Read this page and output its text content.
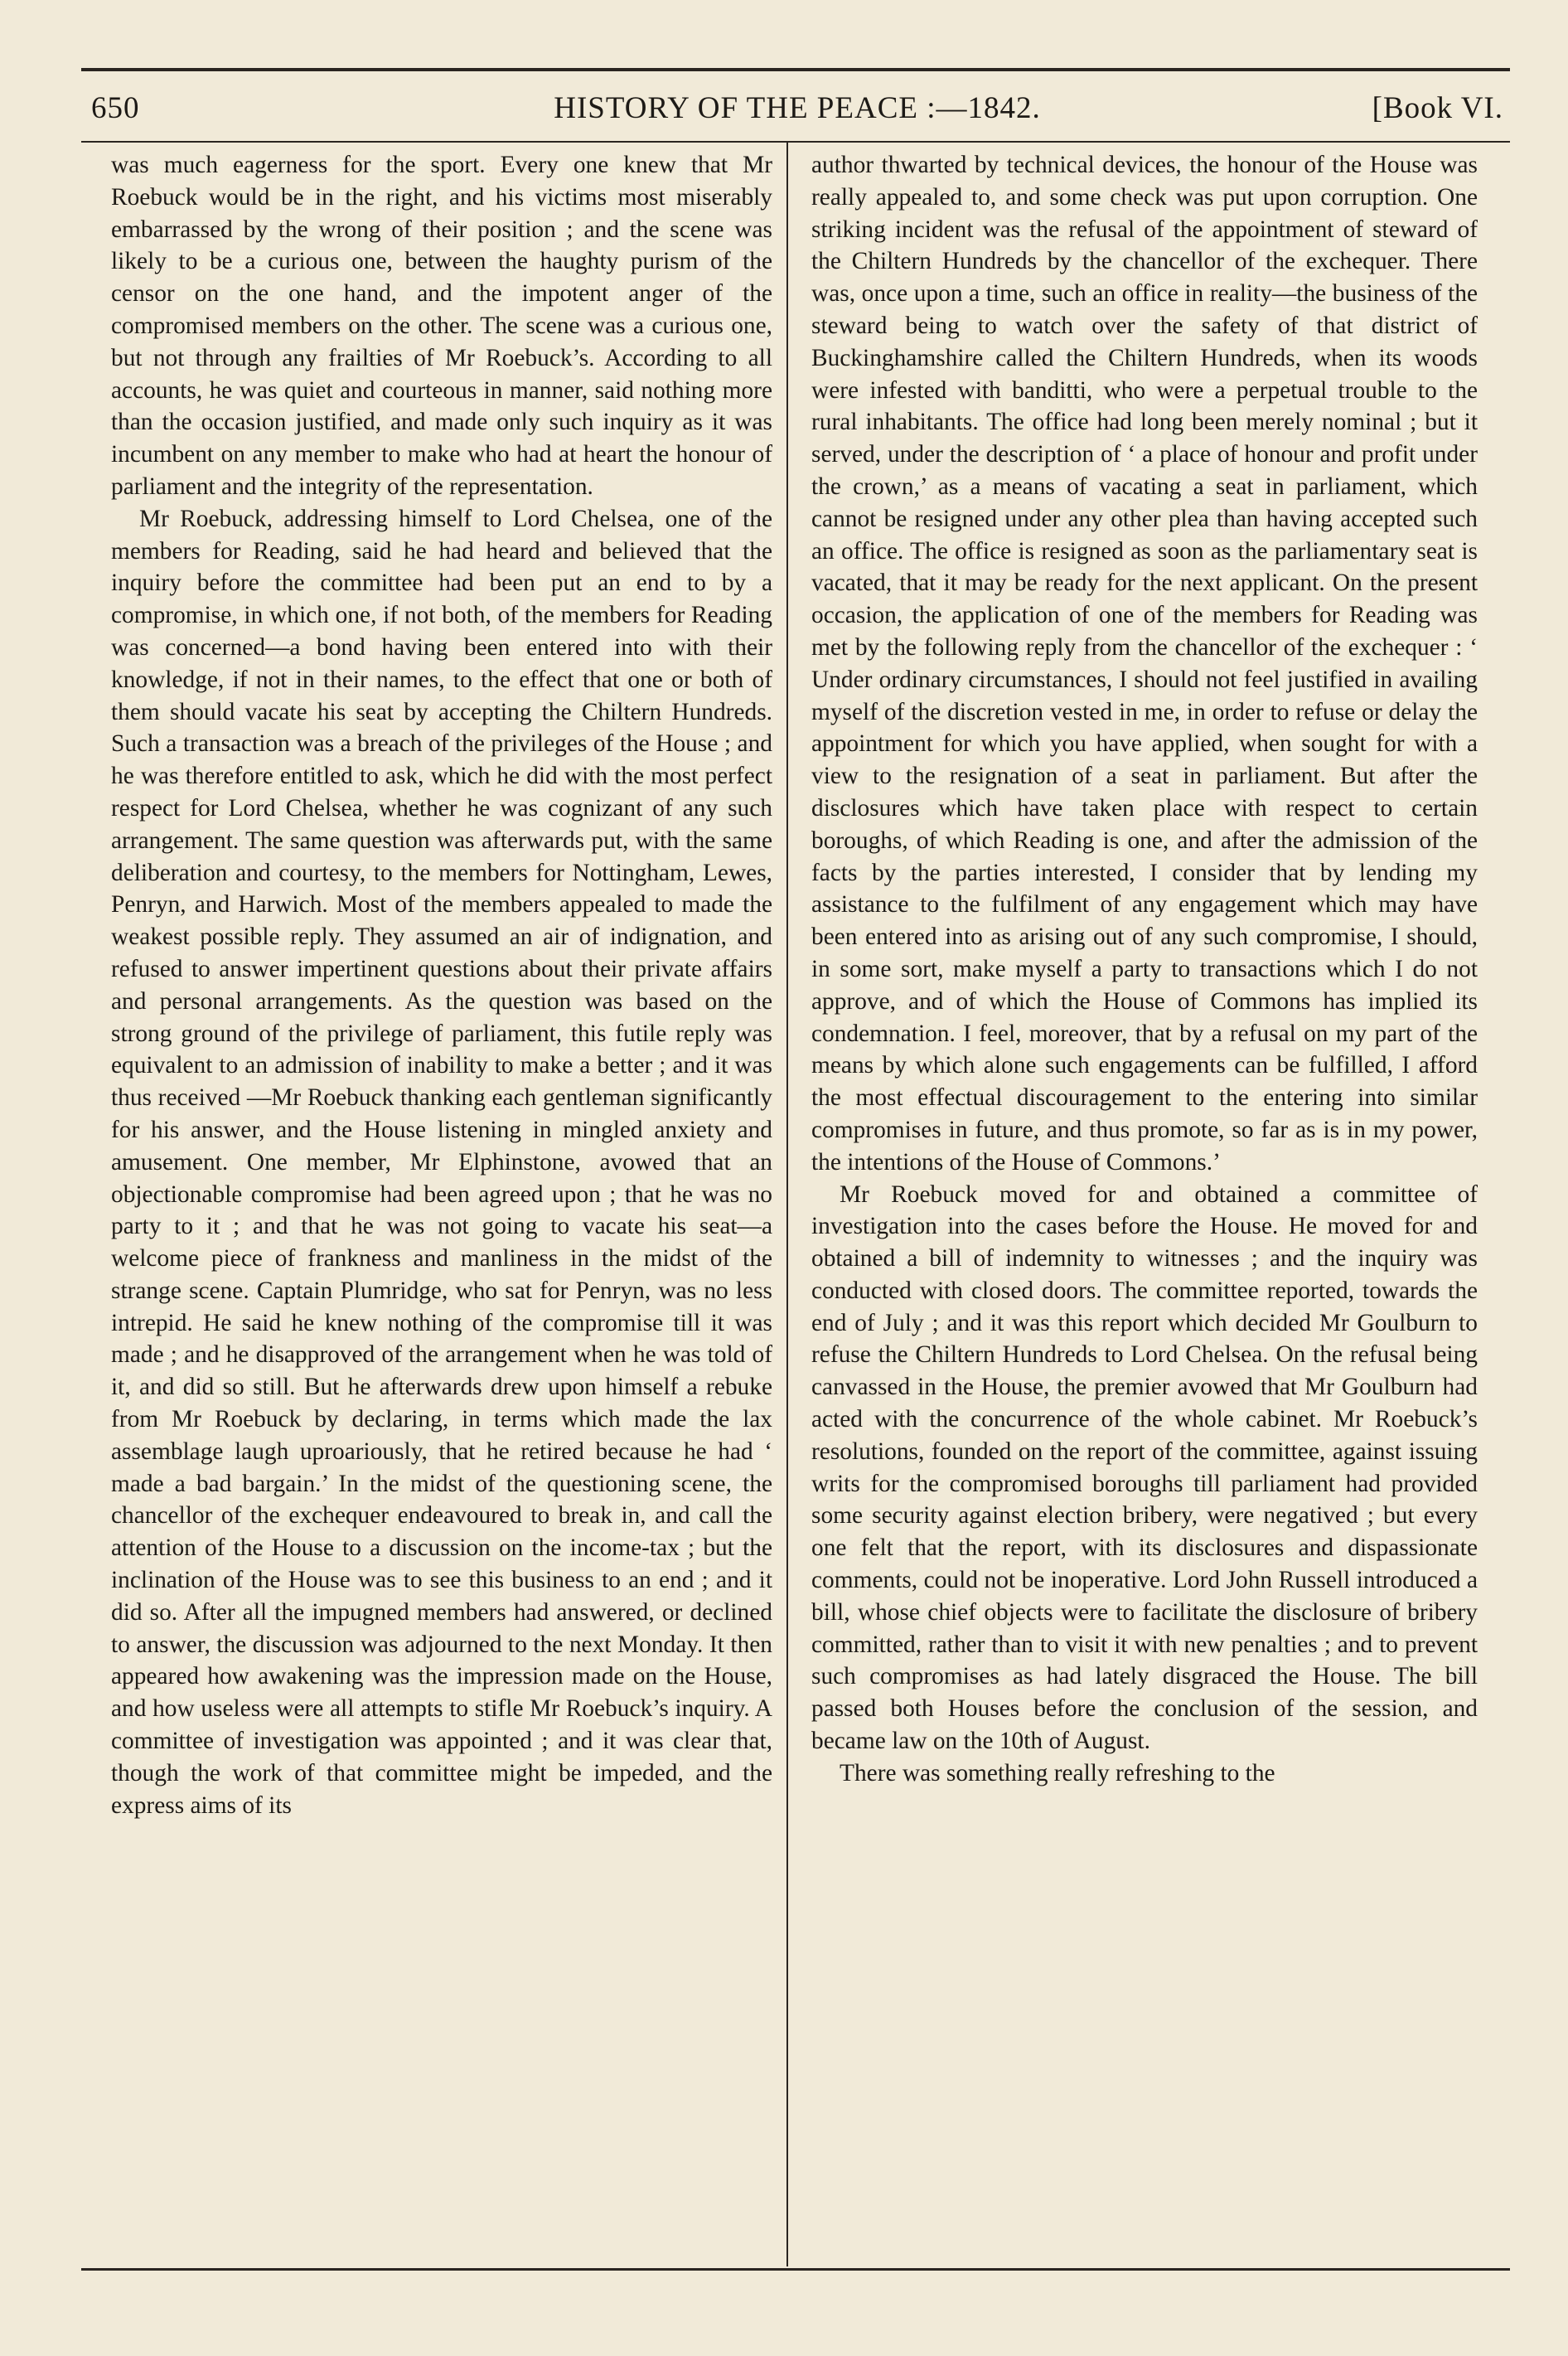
650	HISTORY OF THE PEACE :—1842.	[Book VI.

was much eagerness for the sport. Every one knew that Mr Roebuck would be in the right, and his victims most miserably embarrassed by the wrong of their position ; and the scene was likely to be a curious one, between the haughty purism of the censor on the one hand, and the impotent anger of the compromised members on the other. The scene was a curious one, but not through any frailties of Mr Roebuck’s. According to all accounts, he was quiet and courteous in manner, said nothing more than the occasion justified, and made only such inquiry as it was incumbent on any member to make who had at heart the honour of parliament and the integrity of the representation.

Mr Roebuck, addressing himself to Lord Chelsea, one of the members for Reading, said he had heard and believed that the inquiry before the committee had been put an end to by a compromise, in which one, if not both, of the members for Reading was concerned—a bond having been entered into with their knowledge, if not in their names, to the effect that one or both of them should vacate his seat by accepting the Chiltern Hundreds. Such a transaction was a breach of the privileges of the House ; and he was therefore entitled to ask, which he did with the most perfect respect for Lord Chelsea, whether he was cognizant of any such arrangement. The same question was afterwards put, with the same deliberation and courtesy, to the members for Nottingham, Lewes, Penryn, and Harwich. Most of the members appealed to made the weakest possible reply. They assumed an air of indignation, and refused to answer impertinent questions about their private affairs and personal arrangements. As the question was based on the strong ground of the privilege of parliament, this futile reply was equivalent to an admission of inability to make a better ; and it was thus received —Mr Roebuck thanking each gentleman significantly for his answer, and the House listening in mingled anxiety and amusement. One member, Mr Elphinstone, avowed that an objectionable compromise had been agreed upon ; that he was no party to it ; and that he was not going to vacate his seat—a welcome piece of frankness and manliness in the midst of the strange scene. Captain Plumridge, who sat for Penryn, was no less intrepid. He said he knew nothing of the compromise till it was made ; and he disapproved of the arrangement when he was told of it, and did so still. But he afterwards drew upon himself a rebuke from Mr Roebuck by declaring, in terms which made the lax assemblage laugh uproariously, that he retired because he had ‘ made a bad bargain.’ In the midst of the questioning scene, the chancellor of the exchequer endeavoured to break in, and call the attention of the House to a discussion on the income-tax ; but the inclination of the House was to see this business to an end ; and it did so. After all the impugned members had answered, or declined to answer, the discussion was adjourned to the next Monday. It then appeared how awakening was the impression made on the House, and how useless were all attempts to stifle Mr Roebuck’s inquiry. A committee of investigation was appointed ; and it was clear that, though the work of that committee might be impeded, and the express aims of its

author thwarted by technical devices, the honour of the House was really appealed to, and some check was put upon corruption. One striking incident was the refusal of the appointment of steward of the Chiltern Hundreds by the chancellor of the exchequer. There was, once upon a time, such an office in reality—the business of the steward being to watch over the safety of that district of Buckinghamshire called the Chiltern Hundreds, when its woods were infested with banditti, who were a perpetual trouble to the rural inhabitants. The office had long been merely nominal ; but it served, under the description of ‘ a place of honour and profit under the crown,’ as a means of vacating a seat in parliament, which cannot be resigned under any other plea than having accepted such an office. The office is resigned as soon as the parliamentary seat is vacated, that it may be ready for the next applicant. On the present occasion, the application of one of the members for Reading was met by the following reply from the chancellor of the exchequer : ‘ Under ordinary circumstances, I should not feel justified in availing myself of the discretion vested in me, in order to refuse or delay the appointment for which you have applied, when sought for with a view to the resignation of a seat in parliament. But after the disclosures which have taken place with respect to certain boroughs, of which Reading is one, and after the admission of the facts by the parties interested, I consider that by lending my assistance to the fulfilment of any engagement which may have been entered into as arising out of any such compromise, I should, in some sort, make myself a party to transactions which I do not approve, and of which the House of Commons has implied its condemnation. I feel, moreover, that by a refusal on my part of the means by which alone such engagements can be fulfilled, I afford the most effectual discouragement to the entering into similar compromises in future, and thus promote, so far as is in my power, the intentions of the House of Commons.’

Mr Roebuck moved for and obtained a committee of investigation into the cases before the House. He moved for and obtained a bill of indemnity to witnesses ; and the inquiry was conducted with closed doors. The committee reported, towards the end of July ; and it was this report which decided Mr Goulburn to refuse the Chiltern Hundreds to Lord Chelsea. On the refusal being canvassed in the House, the premier avowed that Mr Goulburn had acted with the concurrence of the whole cabinet. Mr Roebuck’s resolutions, founded on the report of the committee, against issuing writs for the compromised boroughs till parliament had provided some security against election bribery, were negatived ; but every one felt that the report, with its disclosures and dispassionate comments, could not be inoperative. Lord John Russell introduced a bill, whose chief objects were to facilitate the disclosure of bribery committed, rather than to visit it with new penalties ; and to prevent such compromises as had lately disgraced the House. The bill passed both Houses before the conclusion of the session, and became law on the 10th of August.

There was something really refreshing to the
